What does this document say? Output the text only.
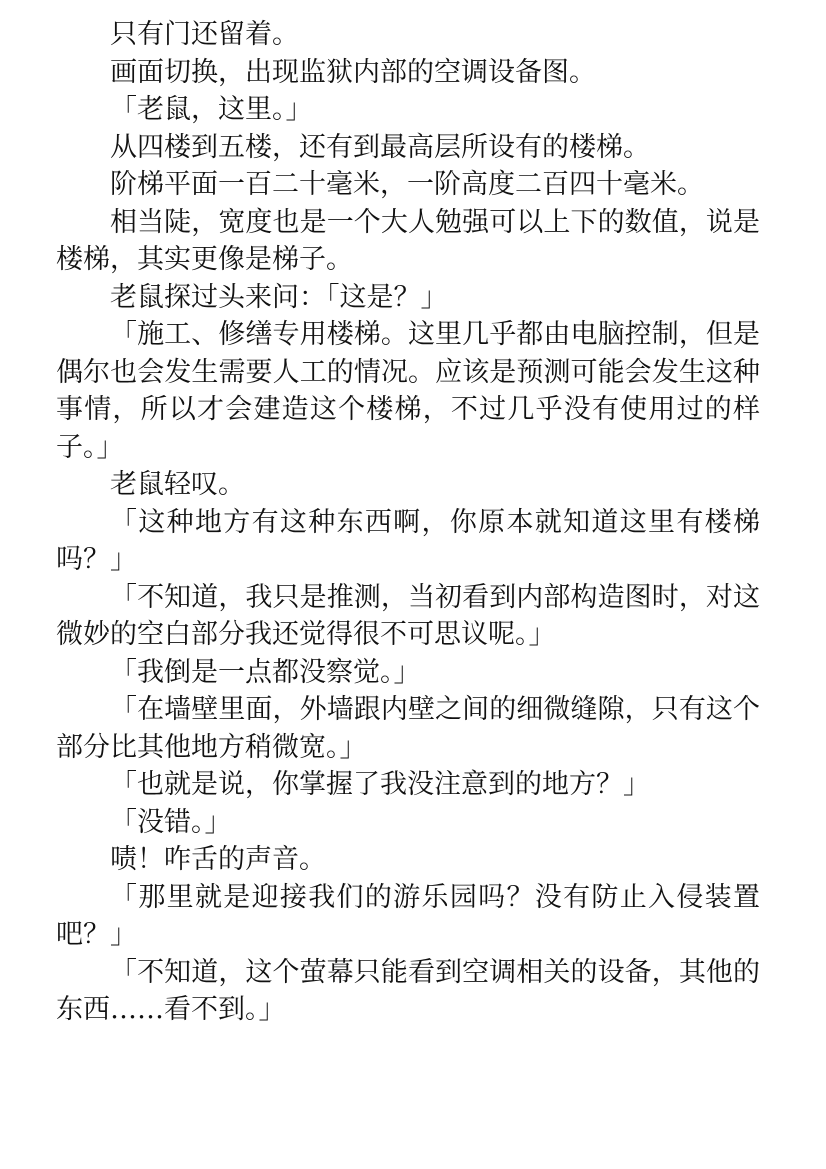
只有门还留着。

画面切换，出现监狱内部的空调设备图。

「老鼠，这里。」

从四楼到五楼，还有到最高层所设有的楼梯。

阶梯平面一百二十毫米，一阶高度二百四十毫米。

相当陡，宽度也是一个大人勉强可以上下的数值，说是楼梯，其实更像是梯子。

老鼠探过头来问：「这是？」

「施工、修缮专用楼梯。这里几乎都由电脑控制，但是偶尔也会发生需要人工的情况。应该是预测可能会发生这种事情，所以才会建造这个楼梯，不过几乎没有使用过的样子。」

老鼠轻叹。

「这种地方有这种东西啊，你原本就知道这里有楼梯吗？」

「不知道，我只是推测，当初看到内部构造图时，对这微妙的空白部分我还觉得很不可思议呢。」

「我倒是一点都没察觉。」

「在墙壁里面，外墙跟内壁之间的细微缝隙，只有这个部分比其他地方稍微宽。」

「也就是说，你掌握了我没注意到的地方？」

「没错。」

啧！咋舌的声音。

「那里就是迎接我们的游乐园吗？没有防止入侵装置吧？」

「不知道，这个萤幕只能看到空调相关的设备，其他的东西……看不到。」
